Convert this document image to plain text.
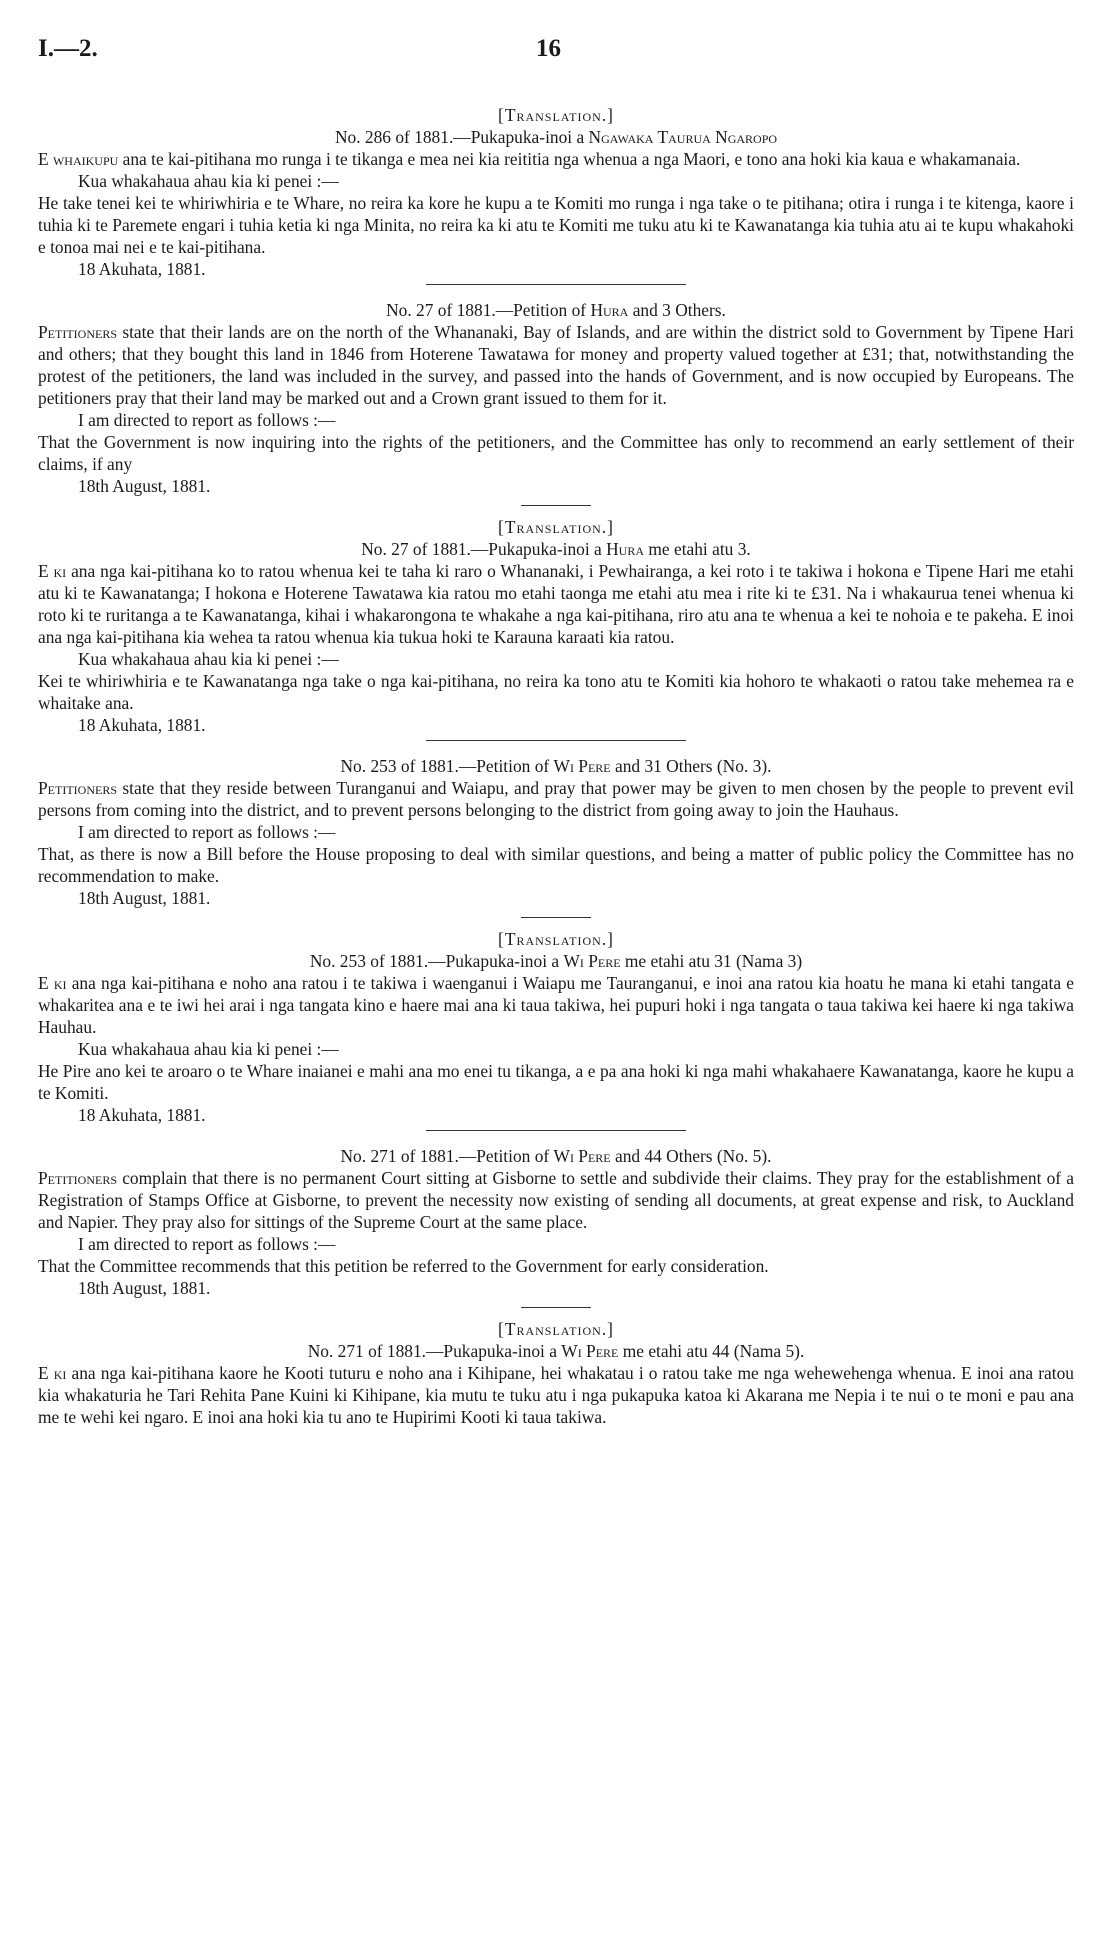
I.—2.	16
[Translation.]
No. 286 of 1881.—Pukapuka-inoi a Ngawaka Taurua Ngaropo

E whaikupu ana te kai-pitihana mo runga i te tikanga e mea nei kia reititia nga whenua a nga Maori, e tono ana hoki kia kaua e whakamanaia.

Kua whakahaua ahau kia ki penei :—

He take tenei kei te whiriwhiria e te Whare, no reira ka kore he kupu a te Komiti mo runga i nga take o te pitihana; otira i runga i te kitenga, kaore i tuhia ki te Paremete engari i tuhia ketia ki nga Minita, no reira ka ki atu te Komiti me tuku atu ki te Kawanatanga kia tuhia atu ai te kupu whakahoki e tonoa mai nei e te kai-pitihana.

18 Akuhata, 1881.

No. 27 of 1881.—Petition of Hura and 3 Others.

Petitioners state that their lands are on the north of the Whananaki, Bay of Islands, and are within the district sold to Government by Tipene Hari and others; that they bought this land in 1846 from Hoterene Tawatawa for money and property valued together at £31; that, notwithstanding the protest of the petitioners, the land was included in the survey, and passed into the hands of Government, and is now occupied by Europeans. The petitioners pray that their land may be marked out and a Crown grant issued to them for it.

I am directed to report as follows :—

That the Government is now inquiring into the rights of the petitioners, and the Committee has only to recommend an early settlement of their claims, if any

18th August, 1881.

[Translation.]
No. 27 of 1881.—Pukapuka-inoi a Hura me etahi atu 3.

E ki ana nga kai-pitihana ko to ratou whenua kei te taha ki raro o Whananaki, i Pewhairanga, a kei roto i te takiwa i hokona e Tipene Hari me etahi atu ki te Kawanatanga; I hokona e Hoterene Tawatawa kia ratou mo etahi taonga me etahi atu mea i rite ki te £31. Na i whakaurua tenei whenua ki roto ki te ruritanga a te Kawanatanga, kihai i whakarongona te whakahe a nga kai-pitihana, riro atu ana te whenua a kei te nohoia e te pakeha. E inoi ana nga kai-pitihana kia wehea ta ratou whenua kia tukua hoki te Karauna karaati kia ratou.

Kua whakahaua ahau kia ki penei :—

Kei te whiriwhiria e te Kawanatanga nga take o nga kai-pitihana, no reira ka tono atu te Komiti kia hohoro te whakaoti o ratou take mehemea ra e whaitake ana.

18 Akuhata, 1881.

No. 253 of 1881.—Petition of Wi Pere and 31 Others (No. 3).

Petitioners state that they reside between Turanganui and Waiapu, and pray that power may be given to men chosen by the people to prevent evil persons from coming into the district, and to prevent persons belonging to the district from going away to join the Hauhaus.

I am directed to report as follows :—

That, as there is now a Bill before the House proposing to deal with similar questions, and being a matter of public policy the Committee has no recommendation to make.

18th August, 1881.

[Translation.]
No. 253 of 1881.—Pukapuka-inoi a Wi Pere me etahi atu 31 (Nama 3)

E ki ana nga kai-pitihana e noho ana ratou i te takiwa i waenganui i Waiapu me Tauranganui, e inoi ana ratou kia hoatu he mana ki etahi tangata e whakaritea ana e te iwi hei arai i nga tangata kino e haere mai ana ki taua takiwa, hei pupuri hoki i nga tangata o taua takiwa kei haere ki nga takiwa Hauhau.

Kua whakahaua ahau kia ki penei :—

He Pire ano kei te aroaro o te Whare inaianei e mahi ana mo enei tu tikanga, a e pa ana hoki ki nga mahi whakahaere Kawanatanga, kaore he kupu a te Komiti.

18 Akuhata, 1881.

No. 271 of 1881.—Petition of Wi Pere and 44 Others (No. 5).

Petitioners complain that there is no permanent Court sitting at Gisborne to settle and subdivide their claims. They pray for the establishment of a Registration of Stamps Office at Gisborne, to prevent the necessity now existing of sending all documents, at great expense and risk, to Auckland and Napier. They pray also for sittings of the Supreme Court at the same place.

I am directed to report as follows :—

That the Committee recommends that this petition be referred to the Government for early consideration.

18th August, 1881.

[Translation.]
No. 271 of 1881.—Pukapuka-inoi a Wi Pere me etahi atu 44 (Nama 5).

E ki ana nga kai-pitihana kaore he Kooti tuturu e noho ana i Kihipane, hei whakatau i o ratou take me nga wehewehenga whenua. E inoi ana ratou kia whakaturia he Tari Rehita Pane Kuini ki Kihipane, kia mutu te tuku atu i nga pukapuka katoa ki Akarana me Nepia i te nui o te moni e pau ana me te wehi kei ngaro. E inoi ana hoki kia tu ano te Hupirimi Kooti ki taua takiwa.
